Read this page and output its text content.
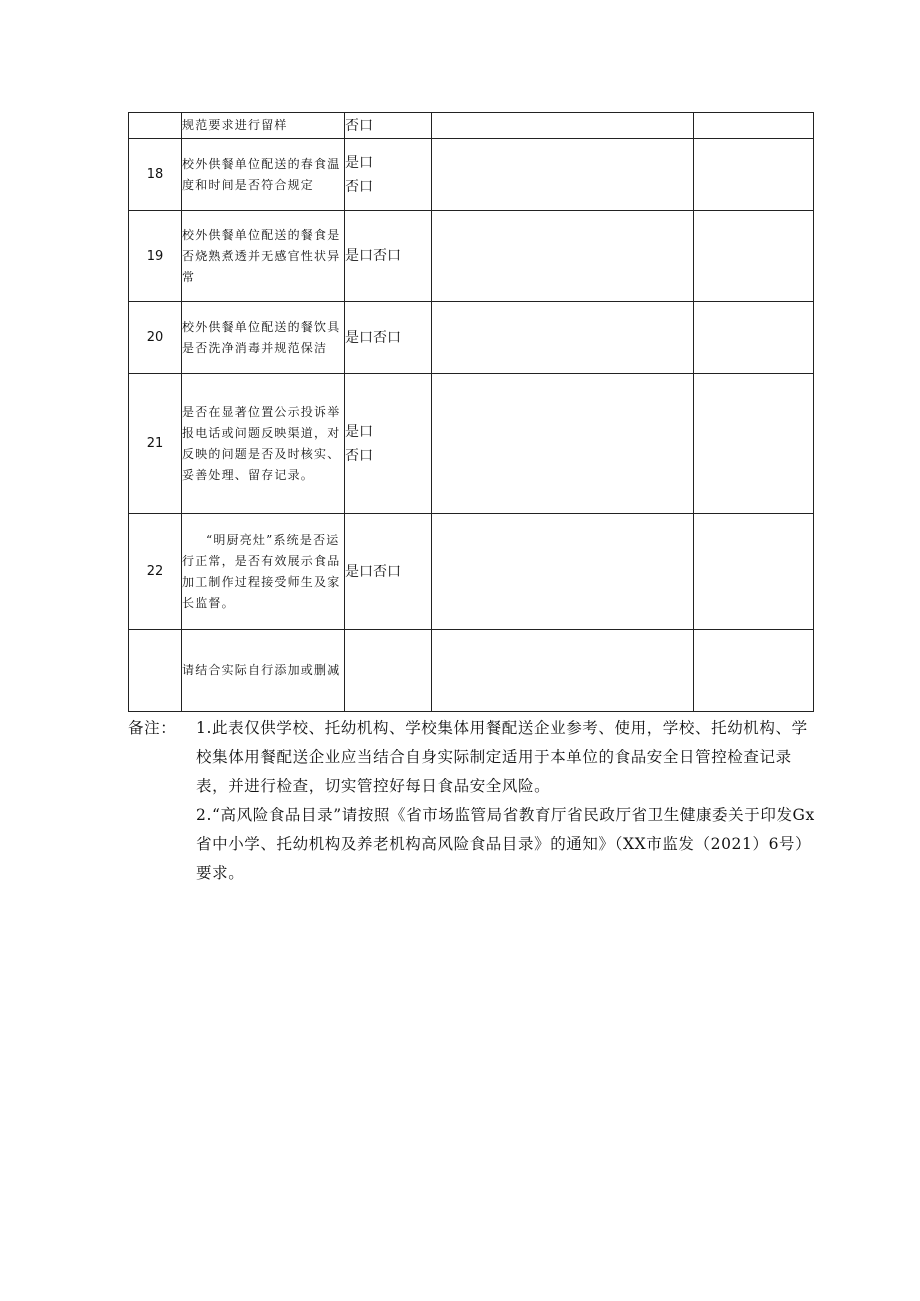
	规范要求进行留样	否口		

18	校外供餐单位配送的春食温度和时间是否符合规定	是口
否口		

19	校外供餐单位配送的餐食是否烧熟煮透并无感官性状异常	是口否口		

20	校外供餐单位配送的餐饮具是否洗净消毒并规范保洁	是口否口		

21	是否在显著位置公示投诉举报电话或问题反映渠道，对反映的问题是否及时核实、妥善处理、留存记录。	是口
否口		

22	“明厨亮灶”系统是否运行正常，是否有效展示食品加工制作过程接受师生及家长监督。	是口否口		

	请结合实际自行添加或删减	

备注：	1.此表仅供学校、托幼机构、学校集体用餐配送企业参考、使用，学校、托幼机构、学校集体用餐配送企业应当结合自身实际制定适用于本单位的食品安全日管控检查记录表，并进行检查，切实管控好每日食品安全风险。
2.“高风险食品目录”请按照《省市场监管局省教育厅省民政厅省卫生健康委关于印发Gx省中小学、托幼机构及养老机构高风险食品目录》的通知》（XX市监发（2021）6号）要求。
